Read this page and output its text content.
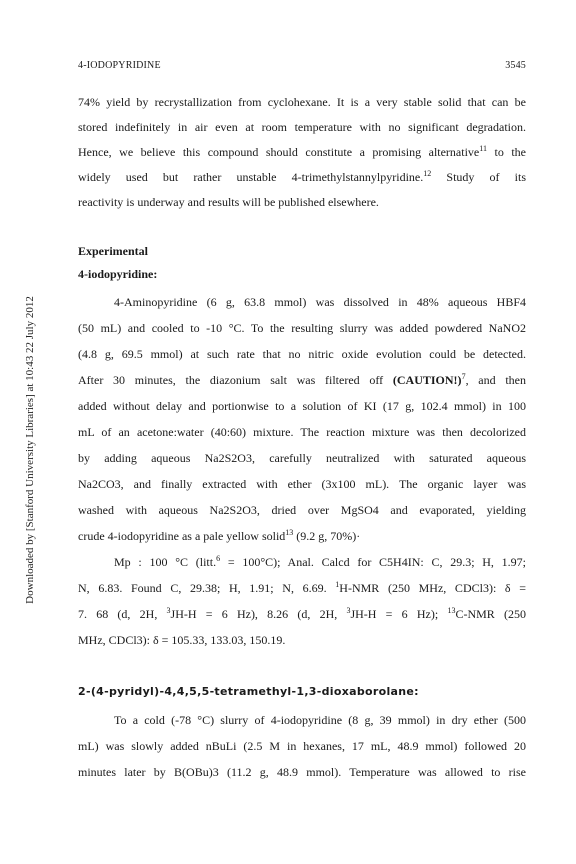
4-IODOPYRIDINE	3545
Downloaded by [Stanford University Libraries] at 10:43 22 July 2012
74% yield by recrystallization from cyclohexane. It is a very stable solid that can be
stored indefinitely in air even at room temperature with no significant degradation.
Hence, we believe this compound should constitute a promising alternative$^{11}$ to the
widely used but rather unstable 4-trimethylstannylpyridine.$^{12}$ Study of its
reactivity is underway and results will be published elsewhere.
Experimental
4-iodopyridine:
4-Aminopyridine (6 g, 63.8 mmol) was dissolved in 48% aqueous HBF4
(50 mL) and cooled to -10 °C. To the resulting slurry was added powdered NaNO2
(4.8 g, 69.5 mmol) at such rate that no nitric oxide evolution could be detected.
After 30 minutes, the diazonium salt was filtered off (CAUTION!)$^7$, and then
added without delay and portionwise to a solution of KI (17 g, 102.4 mmol) in 100
mL of an acetone:water (40:60) mixture. The reaction mixture was then decolorized
by adding aqueous Na2S2O3, carefully neutralized with saturated aqueous
Na2CO3, and finally extracted with ether (3x100 mL). The organic layer was
washed with aqueous Na2S2O3, dried over MgSO4 and evaporated, yielding
crude 4-iodopyridine as a pale yellow solid$^{13}$ (9.2 g, 70%)·
Mp : 100 °C (litt.$^6$ = 100°C); Anal. Calcd for C5H4IN: C, 29.3; H, 1.97;
N, 6.83. Found C, 29.38; H, 1.91; N, 6.69. $^1$H-NMR (250 MHz, CDCl3): δ =
7. 68 (d, 2H, $^3$JH-H = 6 Hz), 8.26 (d, 2H, $^3$JH-H = 6 Hz); $^{13}$C-NMR (250
MHz, CDCl3): δ = 105.33, 133.03, 150.19.
2-(4-pyridyl)-4,4,5,5-tetramethyl-1,3-dioxaborolane:
To a cold (-78 °C) slurry of 4-iodopyridine (8 g, 39 mmol) in dry ether (500
mL) was slowly added nBuLi (2.5 M in hexanes, 17 mL, 48.9 mmol) followed 20
minutes later by B(OBu)3 (11.2 g, 48.9 mmol). Temperature was allowed to rise
